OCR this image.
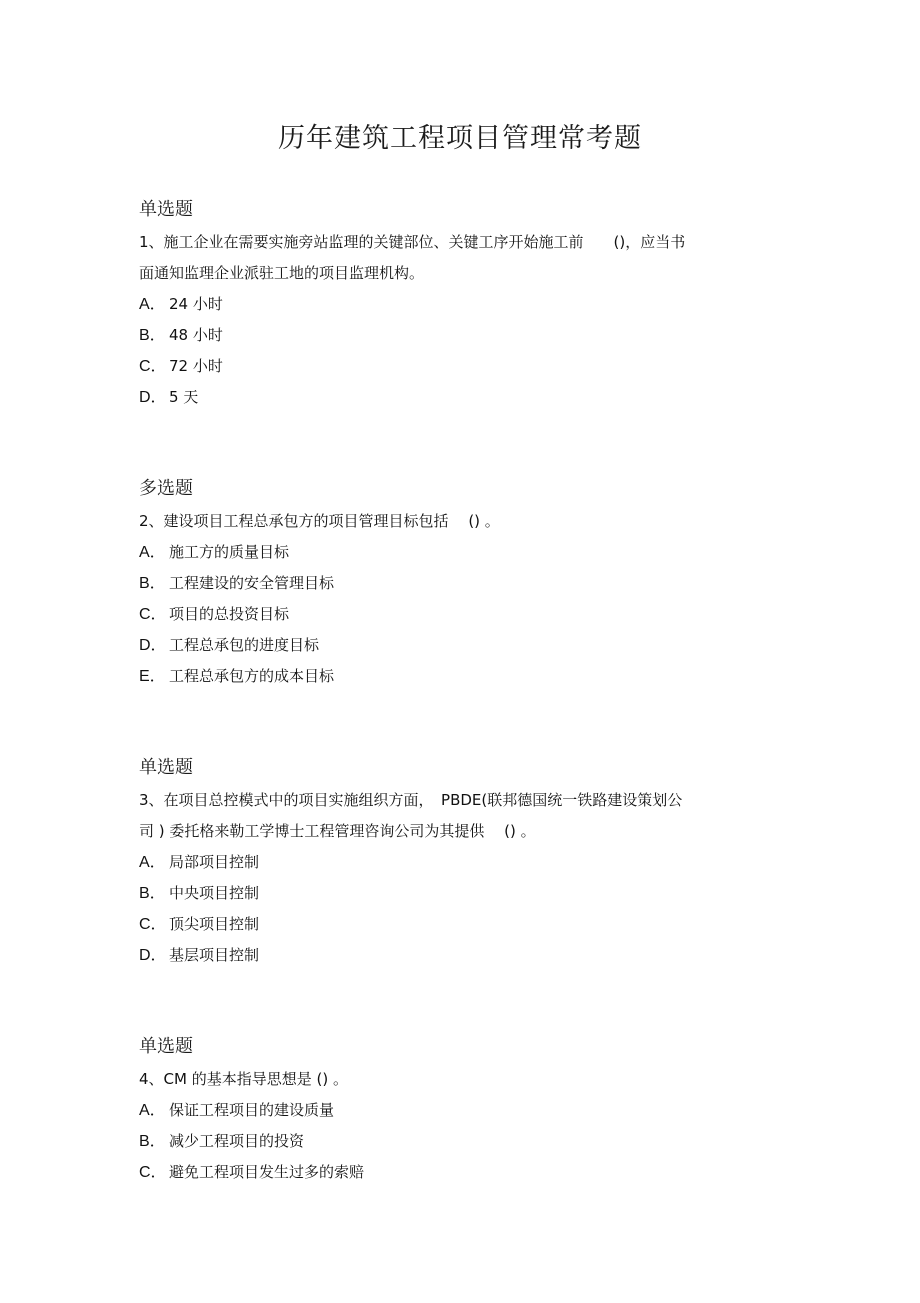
历年建筑工程项目管理常考题
单选题
1、施工企业在需要实施旁站监理的关键部位、关键工序开始施工前　　()，应当书
面通知监理企业派驻工地的项目监理机构。
A． 24 小时
B． 48 小时
C． 72 小时
D． 5 天
多选题
2、建设项目工程总承包方的项目管理目标包括　 () 。
A． 施工方的质量目标
B． 工程建设的安全管理目标
C． 项目的总投资目标
D． 工程总承包的进度目标
E． 工程总承包方的成本目标
单选题
3、在项目总控模式中的项目实施组织方面，　PBDE(联邦德国统一铁路建设策划公
司 ) 委托格来勒工学博士工程管理咨询公司为其提供　 () 。
A． 局部项目控制
B． 中央项目控制
C． 顶尖项目控制
D． 基层项目控制
单选题
4、CM 的基本指导思想是 () 。
A． 保证工程项目的建设质量
B． 减少工程项目的投资
C． 避免工程项目发生过多的索赔
